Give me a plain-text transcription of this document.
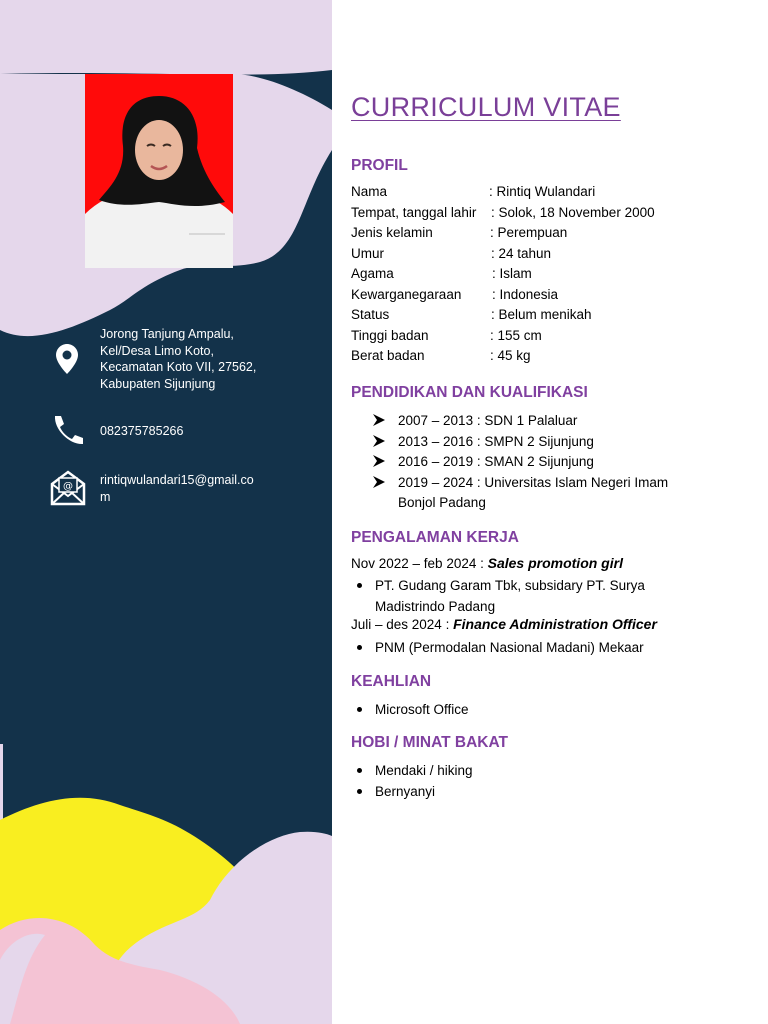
Jorong Tanjung Ampalu,
Kel/Desa Limo Koto,
Kecamatan Koto VII, 27562,
Kabupaten Sijunjung
082375785266
@ rintiqwulandari15@gmail.co
m
CURRICULUM VITAE
PROFIL
Nama	: Rintiq Wulandari
Tempat, tanggal lahir : Solok, 18 November 2000
Jenis kelamin	: Perempuan
Umur	: 24 tahun
Agama	: Islam
Kewarganegaraan : Indonesia
Status	: Belum menikah
Tinggi badan	: 155 cm
Berat badan	: 45 kg
PENDIDIKAN DAN KUALIFIKASI
2007 – 2013 : SDN 1 Palaluar
2013 – 2016 : SMPN 2 Sijunjung
2016 – 2019 : SMAN 2 Sijunjung
2019 – 2024 : Universitas Islam Negeri Imam Bonjol Padang
PENGALAMAN KERJA
Nov 2022 – feb 2024 : Sales promotion girl
PT. Gudang Garam Tbk, subsidary PT. Surya Madistrindo Padang
Juli – des 2024 : Finance Administration Officer
PNM (Permodalan Nasional Madani) Mekaar
KEAHLIAN
Microsoft Office
HOBI / MINAT BAKAT
Mendaki / hiking
Bernyanyi
